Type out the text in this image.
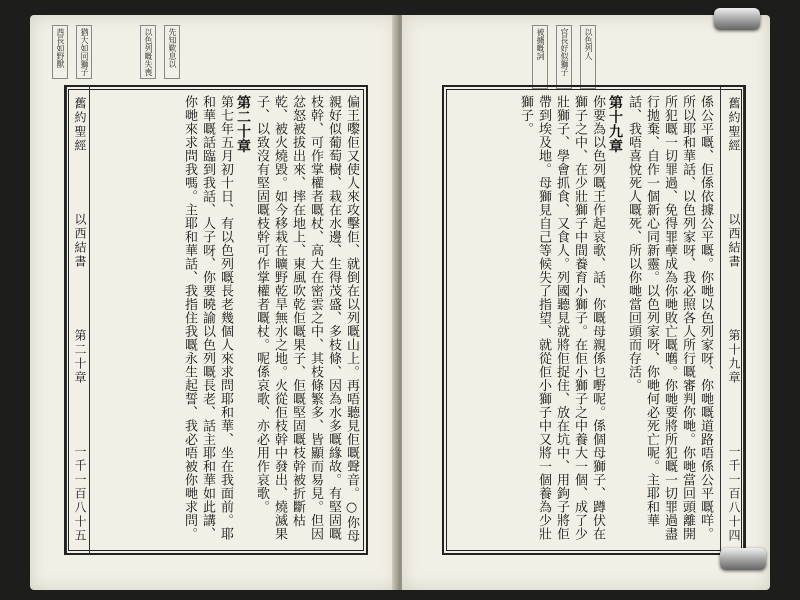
酋長如野獸	猶大如同獅子	以色列嘅失喪	先知歎息以
舊約聖經
以西結書
第二十章
一千一百八十五	偏王嚟佢又使人來攻擊佢、就倒在以列嘅山上。再唔聽見佢嘅聲音。○你母親好似葡萄樹、栽在水邊、生得茂盛、多枝條、因為水多嘅緣故。有堅固嘅枝幹、可作掌權者嘅杖、高大在密雲之中、其枝條繁多、皆顯而易見。但因忿怒被拔出來、摔在地上、東風吹乾佢嘅果子、佢嘅堅固嘅枝幹被折斷枯乾、被火燒毀。如今移栽在曠野乾旱無水之地。火從佢枝幹中發出、燒滅果子、以致沒有堅固嘅枝幹可作掌權者嘅杖。呢係哀歌、亦必用作哀歌。

第二十章

第七年五月初十日、有以色列嘅長老幾個人來求問耶和華、坐在我面前。耶和華嘅話臨到我話、人子呀、你要曉諭以色列嘅長老、話主耶和華如此講、你哋來求問我嗎。主耶和華話、我指住我嘅永生起誓、我必唔被你哋求問。

被擄嘅詞	官長好似獅子	以色列人

係公平嘅、佢係依據公平嘅。你哋以色列家呀、你哋嘅道路唔係公平嘅咩。所以耶和華話、以色列家呀、我必照各人所行嘅審判你哋。你哋當回頭離開所犯嘅一切罪過、免得罪孽成為你哋敗亡嘅嚿。你哋要將所犯嘅一切罪過盡行拋棄、自作一個新心同新靈。以色列家呀、你哋何必死亡呢。主耶和華話、我唔喜悅死人嘅死、所以你哋當回頭而存活。

第十九章

你要為以色列嘅王作起哀歌、話、你嘅母親係乜嘢呢。係個母獅子、蹲伏在獅子之中、在少壯獅子中間養育小獅子。在佢小獅子之中養大一個、成了少壯獅子、學會抓食、又食人。列國聽見就將佢捉住、放在坑中、用鉤子將佢帶到埃及地。母獅見自己等候失了指望、就從佢小獅子中又將一個養為少壯獅子。	舊約聖經
以西結書
第十九章
一千一百八十四
